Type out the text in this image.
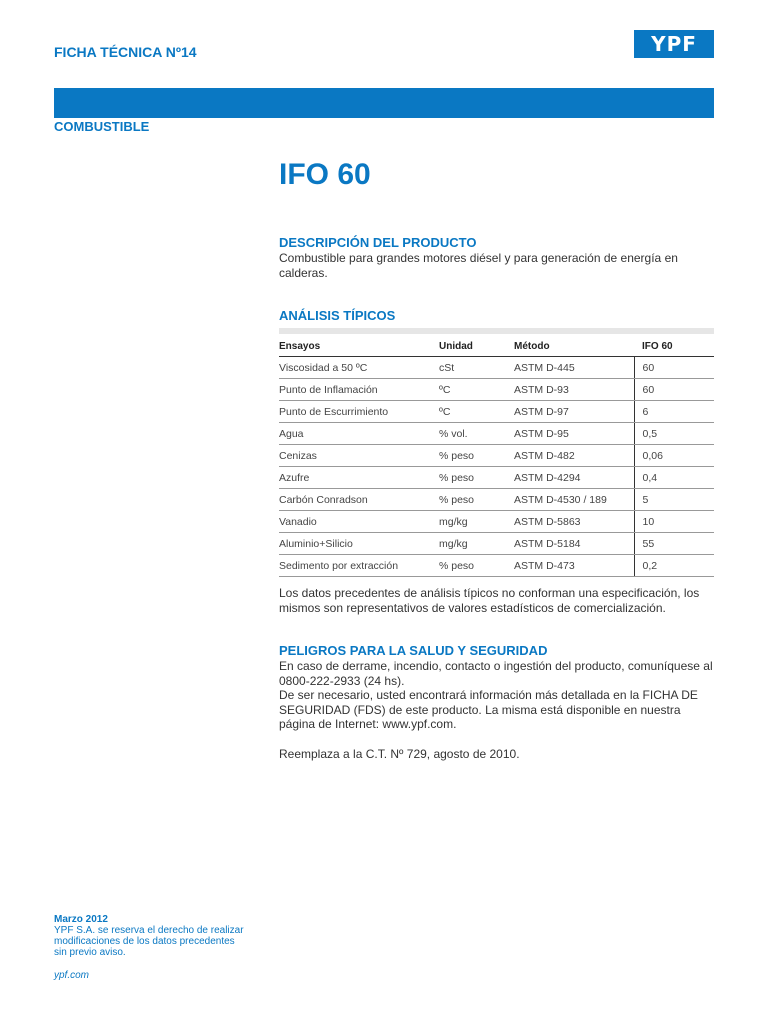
FICHA TÉCNICA Nº14	YPF
COMBUSTIBLE
IFO 60
DESCRIPCIÓN DEL PRODUCTO
Combustible para grandes motores diésel y para generación de energía en calderas.
ANÁLISIS TÍPICOS
Ensayos	Unidad	Método	IFO 60
Viscosidad a 50 ºC	cSt	ASTM D-445	60
Punto de Inflamación	ºC	ASTM D-93	60
Punto de Escurrimiento	ºC	ASTM D-97	6
Agua	% vol.	ASTM D-95	0,5
Cenizas	% peso	ASTM D-482	0,06
Azufre	% peso	ASTM D-4294	0,4
Carbón Conradson	% peso	ASTM D-4530 / 189	5
Vanadio	mg/kg	ASTM D-5863	10
Aluminio+Silicio	mg/kg	ASTM D-5184	55
Sedimento por extracción	% peso	ASTM D-473	0,2
Los datos precedentes de análisis típicos no conforman una especificación, los mismos son representativos de valores estadísticos de comercialización.
PELIGROS PARA LA SALUD Y SEGURIDAD
En caso de derrame, incendio, contacto o ingestión del producto, comuníquese al 0800-222-2933 (24 hs).
De ser necesario, usted encontrará información más detallada en la FICHA DE SEGURIDAD (FDS) de este producto. La misma está disponible en nuestra página de Internet: www.ypf.com.
Reemplaza a la C.T. Nº 729, agosto de 2010.
Marzo 2012
YPF S.A. se reserva el derecho de realizar modificaciones de los datos precedentes sin previo aviso.
ypf.com
